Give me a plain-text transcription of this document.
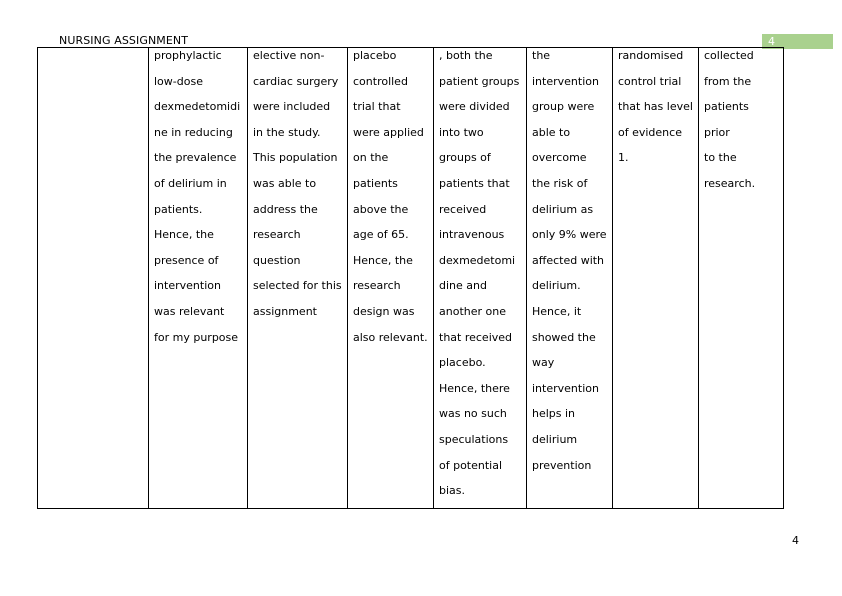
NURSING ASSIGNMENT	4

prophylactic
low-dose
dexmedetomidi
ne in reducing
the prevalence
of delirium in
patients.
Hence, the
presence of
intervention
was relevant
for my purpose

elective non-
cardiac surgery
were included
in the study.
This population
was able to
address the
research
question
selected for this
assignment

placebo
controlled
trial that
were applied
on the
patients
above the
age of 65.
Hence, the
research
design was
also relevant.

, both the
patient groups
were divided
into two
groups of
patients that
received
intravenous
dexmedetomi
dine and
another one
that received
placebo.
Hence, there
was no such
speculations
of potential
bias.

the
intervention
group were
able to
overcome
the risk of
delirium as
only 9% were
affected with
delirium.
Hence, it
showed the
way
intervention
helps in
delirium
prevention

randomised
control trial
that has level
of evidence
1.

collected
from the
patients prior
to the
research.
4
